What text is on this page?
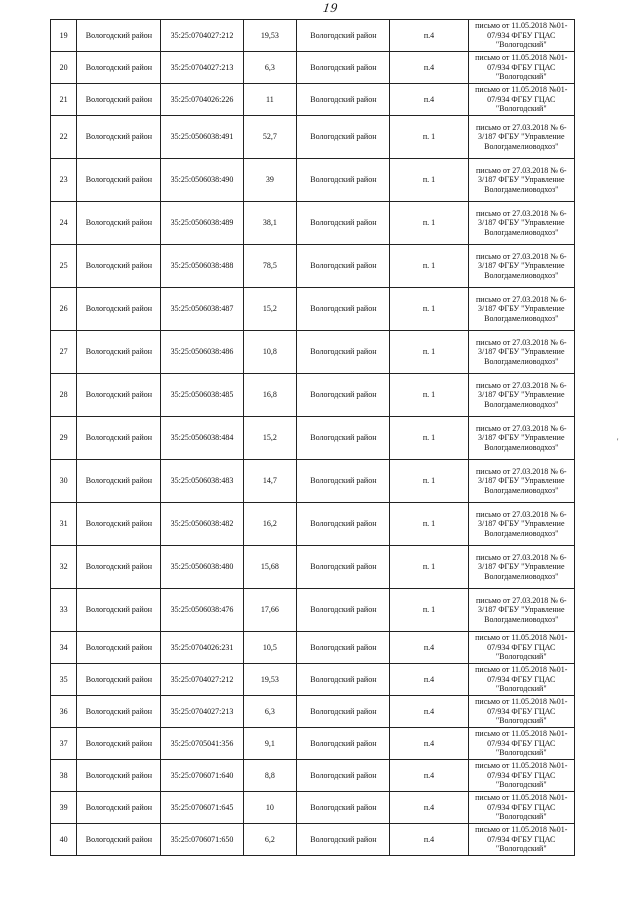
19
19	Вологодский район	35:25:0704027:212	19,53	Вологодский район	п.4	письмо от 11.05.2018 №01-07/934 ФГБУ ГЦАС "Вологодский"
20	Вологодский район	35:25:0704027:213	6,3	Вологодский район	п.4	письмо от 11.05.2018 №01-07/934 ФГБУ ГЦАС "Вологодский"
21	Вологодский район	35:25:0704026:226	11	Вологодский район	п.4	письмо от 11.05.2018 №01-07/934 ФГБУ ГЦАС "Вологодский"
22	Вологодский район	35:25:0506038:491	52,7	Вологодский район	п. 1	письмо от 27.03.2018 № 6-3/187 ФГБУ "Управление Вологдамелиоводхоз"
23	Вологодский район	35:25:0506038:490	39	Вологодский район	п. 1	письмо от 27.03.2018 № 6-3/187 ФГБУ "Управление Вологдамелиоводхоз"
24	Вологодский район	35:25:0506038:489	38,1	Вологодский район	п. 1	письмо от 27.03.2018 № 6-3/187 ФГБУ "Управление Вологдамелиоводхоз"
25	Вологодский район	35:25:0506038:488	78,5	Вологодский район	п. 1	письмо от 27.03.2018 № 6-3/187 ФГБУ "Управление Вологдамелиоводхоз"
26	Вологодский район	35:25:0506038:487	15,2	Вологодский район	п. 1	письмо от 27.03.2018 № 6-3/187 ФГБУ "Управление Вологдамелиоводхоз"
27	Вологодский район	35:25:0506038:486	10,8	Вологодский район	п. 1	письмо от 27.03.2018 № 6-3/187 ФГБУ "Управление Вологдамелиоводхоз"
28	Вологодский район	35:25:0506038:485	16,8	Вологодский район	п. 1	письмо от 27.03.2018 № 6-3/187 ФГБУ "Управление Вологдамелиоводхоз"
29	Вологодский район	35:25:0506038:484	15,2	Вологодский район	п. 1	письмо от 27.03.2018 № 6-3/187 ФГБУ "Управление Вологдамелиоводхоз"
30	Вологодский район	35:25:0506038:483	14,7	Вологодский район	п. 1	письмо от 27.03.2018 № 6-3/187 ФГБУ "Управление Вологдамелиоводхоз"
31	Вологодский район	35:25:0506038:482	16,2	Вологодский район	п. 1	письмо от 27.03.2018 № 6-3/187 ФГБУ "Управление Вологдамелиоводхоз"
32	Вологодский район	35:25:0506038:480	15,68	Вологодский район	п. 1	письмо от 27.03.2018 № 6-3/187 ФГБУ "Управление Вологдамелиоводхоз"
33	Вологодский район	35:25:0506038:476	17,66	Вологодский район	п. 1	письмо от 27.03.2018 № 6-3/187 ФГБУ "Управление Вологдамелиоводхоз"
34	Вологодский район	35:25:0704026:231	10,5	Вологодский район	п.4	письмо от 11.05.2018 №01-07/934 ФГБУ ГЦАС "Вологодский"
35	Вологодский район	35:25:0704027:212	19,53	Вологодский район	п.4	письмо от 11.05.2018 №01-07/934 ФГБУ ГЦАС "Вологодский"
36	Вологодский район	35:25:0704027:213	6,3	Вологодский район	п.4	письмо от 11.05.2018 №01-07/934 ФГБУ ГЦАС "Вологодский"
37	Вологодский район	35:25:0705041:356	9,1	Вологодский район	п.4	письмо от 11.05.2018 №01-07/934 ФГБУ ГЦАС "Вологодский"
38	Вологодский район	35:25:0706071:640	8,8	Вологодский район	п.4	письмо от 11.05.2018 №01-07/934 ФГБУ ГЦАС "Вологодский"
39	Вологодский район	35:25:0706071:645	10	Вологодский район	п.4	письмо от 11.05.2018 №01-07/934 ФГБУ ГЦАС "Вологодский"
40	Вологодский район	35:25:0706071:650	6,2	Вологодский район	п.4	письмо от 11.05.2018 №01-07/934 ФГБУ ГЦАС "Вологодский"
'
